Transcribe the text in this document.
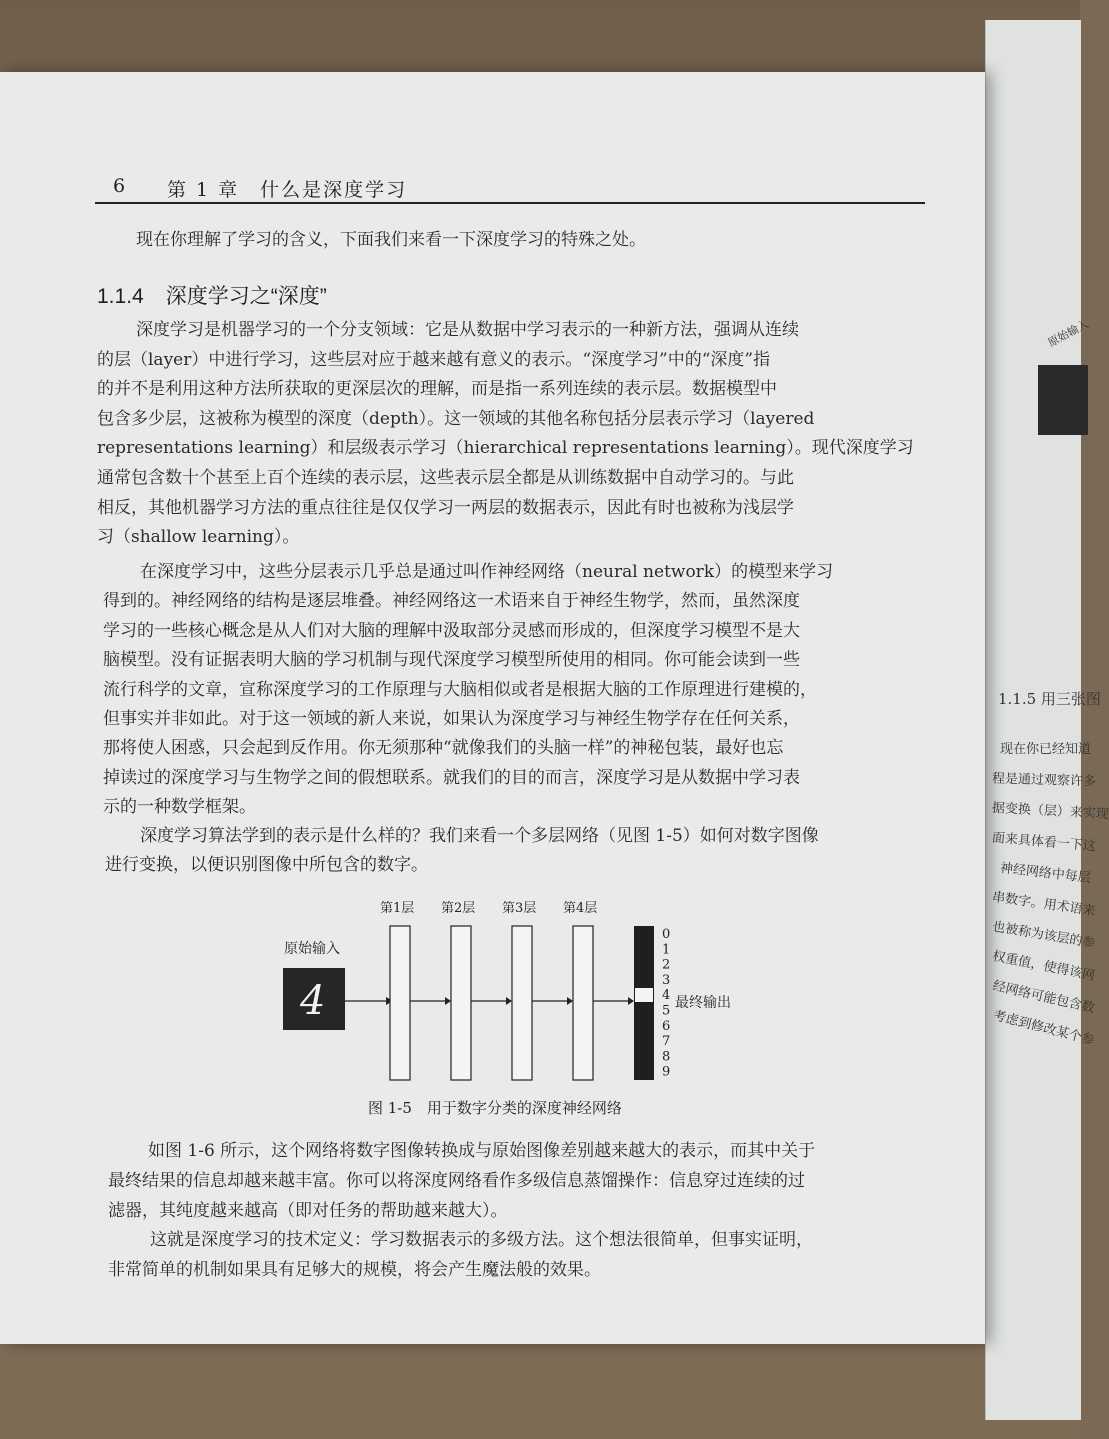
原始输入
1.1.5 用三张图
现在你已经知道
程是通过观察许多
据变换（层）来实现
面来具体看一下这
神经网络中每层
串数字。用术语来
也被称为该层的参
权重值，使得该网
经网络可能包含数
考虑到修改某个参
6 第 1 章　什么是深度学习
现在你理解了学习的含义，下面我们来看一下深度学习的特殊之处。
1.1.4 深度学习之“深度”
深度学习是机器学习的一个分支领域：它是从数据中学习表示的一种新方法，强调从连续
的层（layer）中进行学习，这些层对应于越来越有意义的表示。“深度学习”中的“深度”指
的并不是利用这种方法所获取的更深层次的理解，而是指一系列连续的表示层。数据模型中
包含多少层，这被称为模型的深度（depth）。这一领域的其他名称包括分层表示学习（layered
representations learning）和层级表示学习（hierarchical representations learning）。现代深度学习
通常包含数十个甚至上百个连续的表示层，这些表示层全都是从训练数据中自动学习的。与此
相反，其他机器学习方法的重点往往是仅仅学习一两层的数据表示，因此有时也被称为浅层学
习（shallow learning）。
在深度学习中，这些分层表示几乎总是通过叫作神经网络（neural network）的模型来学习
得到的。神经网络的结构是逐层堆叠。神经网络这一术语来自于神经生物学，然而，虽然深度
学习的一些核心概念是从人们对大脑的理解中汲取部分灵感而形成的，但深度学习模型不是大
脑模型。没有证据表明大脑的学习机制与现代深度学习模型所使用的相同。你可能会读到一些
流行科学的文章，宣称深度学习的工作原理与大脑相似或者是根据大脑的工作原理进行建模的，
但事实并非如此。对于这一领域的新人来说，如果认为深度学习与神经生物学存在任何关系，
那将使人困惑，只会起到反作用。你无须那种“就像我们的头脑一样”的神秘包装，最好也忘
掉读过的深度学习与生物学之间的假想联系。就我们的目的而言，深度学习是从数据中学习表
示的一种数学框架。
深度学习算法学到的表示是什么样的？我们来看一个多层网络（见图 1-5）如何对数字图像
进行变换，以便识别图像中所包含的数字。
原始输入
4
第1层 第2层 第3层 第4层
0
1
2
3
4
5
6
7
8
9
最终输出
图 1-5　用于数字分类的深度神经网络
如图 1-6 所示，这个网络将数字图像转换成与原始图像差别越来越大的表示，而其中关于
最终结果的信息却越来越丰富。你可以将深度网络看作多级信息蒸馏操作：信息穿过连续的过
滤器，其纯度越来越高（即对任务的帮助越来越大）。
这就是深度学习的技术定义：学习数据表示的多级方法。这个想法很简单，但事实证明，
非常简单的机制如果具有足够大的规模，将会产生魔法般的效果。
